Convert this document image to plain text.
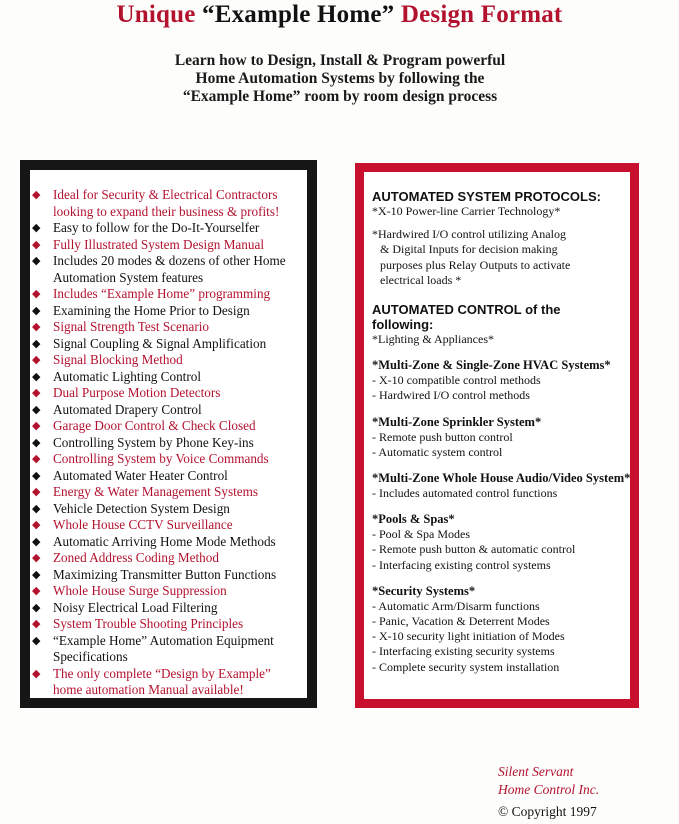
Unique “Example Home” Design Format
Learn how to Design, Install & Program powerful
Home Automation Systems by following the
“Example Home” room by room design process
◆ Ideal for Security & Electrical Contractors looking to expand their business & profits!
◆ Easy to follow for the Do-It-Yourselfer
◆ Fully Illustrated System Design Manual
◆ Includes 20 modes & dozens of other Home Automation System features
◆ Includes “Example Home” programming
◆ Examining the Home Prior to Design
◆ Signal Strength Test Scenario
◆ Signal Coupling & Signal Amplification
◆ Signal Blocking Method
◆ Automatic Lighting Control
◆ Dual Purpose Motion Detectors
◆ Automated Drapery Control
◆ Garage Door Control & Check Closed
◆ Controlling System by Phone Key-ins
◆ Controlling System by Voice Commands
◆ Automated Water Heater Control
◆ Energy & Water Management Systems
◆ Vehicle Detection System Design
◆ Whole House CCTV Surveillance
◆ Automatic Arriving Home Mode Methods
◆ Zoned Address Coding Method
◆ Maximizing Transmitter Button Functions
◆ Whole House Surge Suppression
◆ Noisy Electrical Load Filtering
◆ System Trouble Shooting Principles
◆ “Example Home” Automation Equipment Specifications
◆ The only complete “Design by Example” home automation Manual available!
AUTOMATED SYSTEM PROTOCOLS:
*X-10 Power-line Carrier Technology*
*Hardwired I/O control utilizing Analog
& Digital Inputs for decision making
purposes plus Relay Outputs to activate
electrical loads *
AUTOMATED CONTROL of the following:
*Lighting & Appliances*
*Multi-Zone & Single-Zone HVAC Systems*
- X-10 compatible control methods
- Hardwired I/O control methods
*Multi-Zone Sprinkler System*
- Remote push button control
- Automatic system control
*Multi-Zone Whole House Audio/Video System*
- Includes automated control functions
*Pools & Spas*
- Pool & Spa Modes
- Remote push button & automatic control
- Interfacing existing control systems
*Security Systems*
- Automatic Arm/Disarm functions
- Panic, Vacation & Deterrent Modes
- X-10 security light initiation of Modes
- Interfacing existing security systems
- Complete security system installation
Silent Servant
Home Control Inc.
© Copyright 1997
